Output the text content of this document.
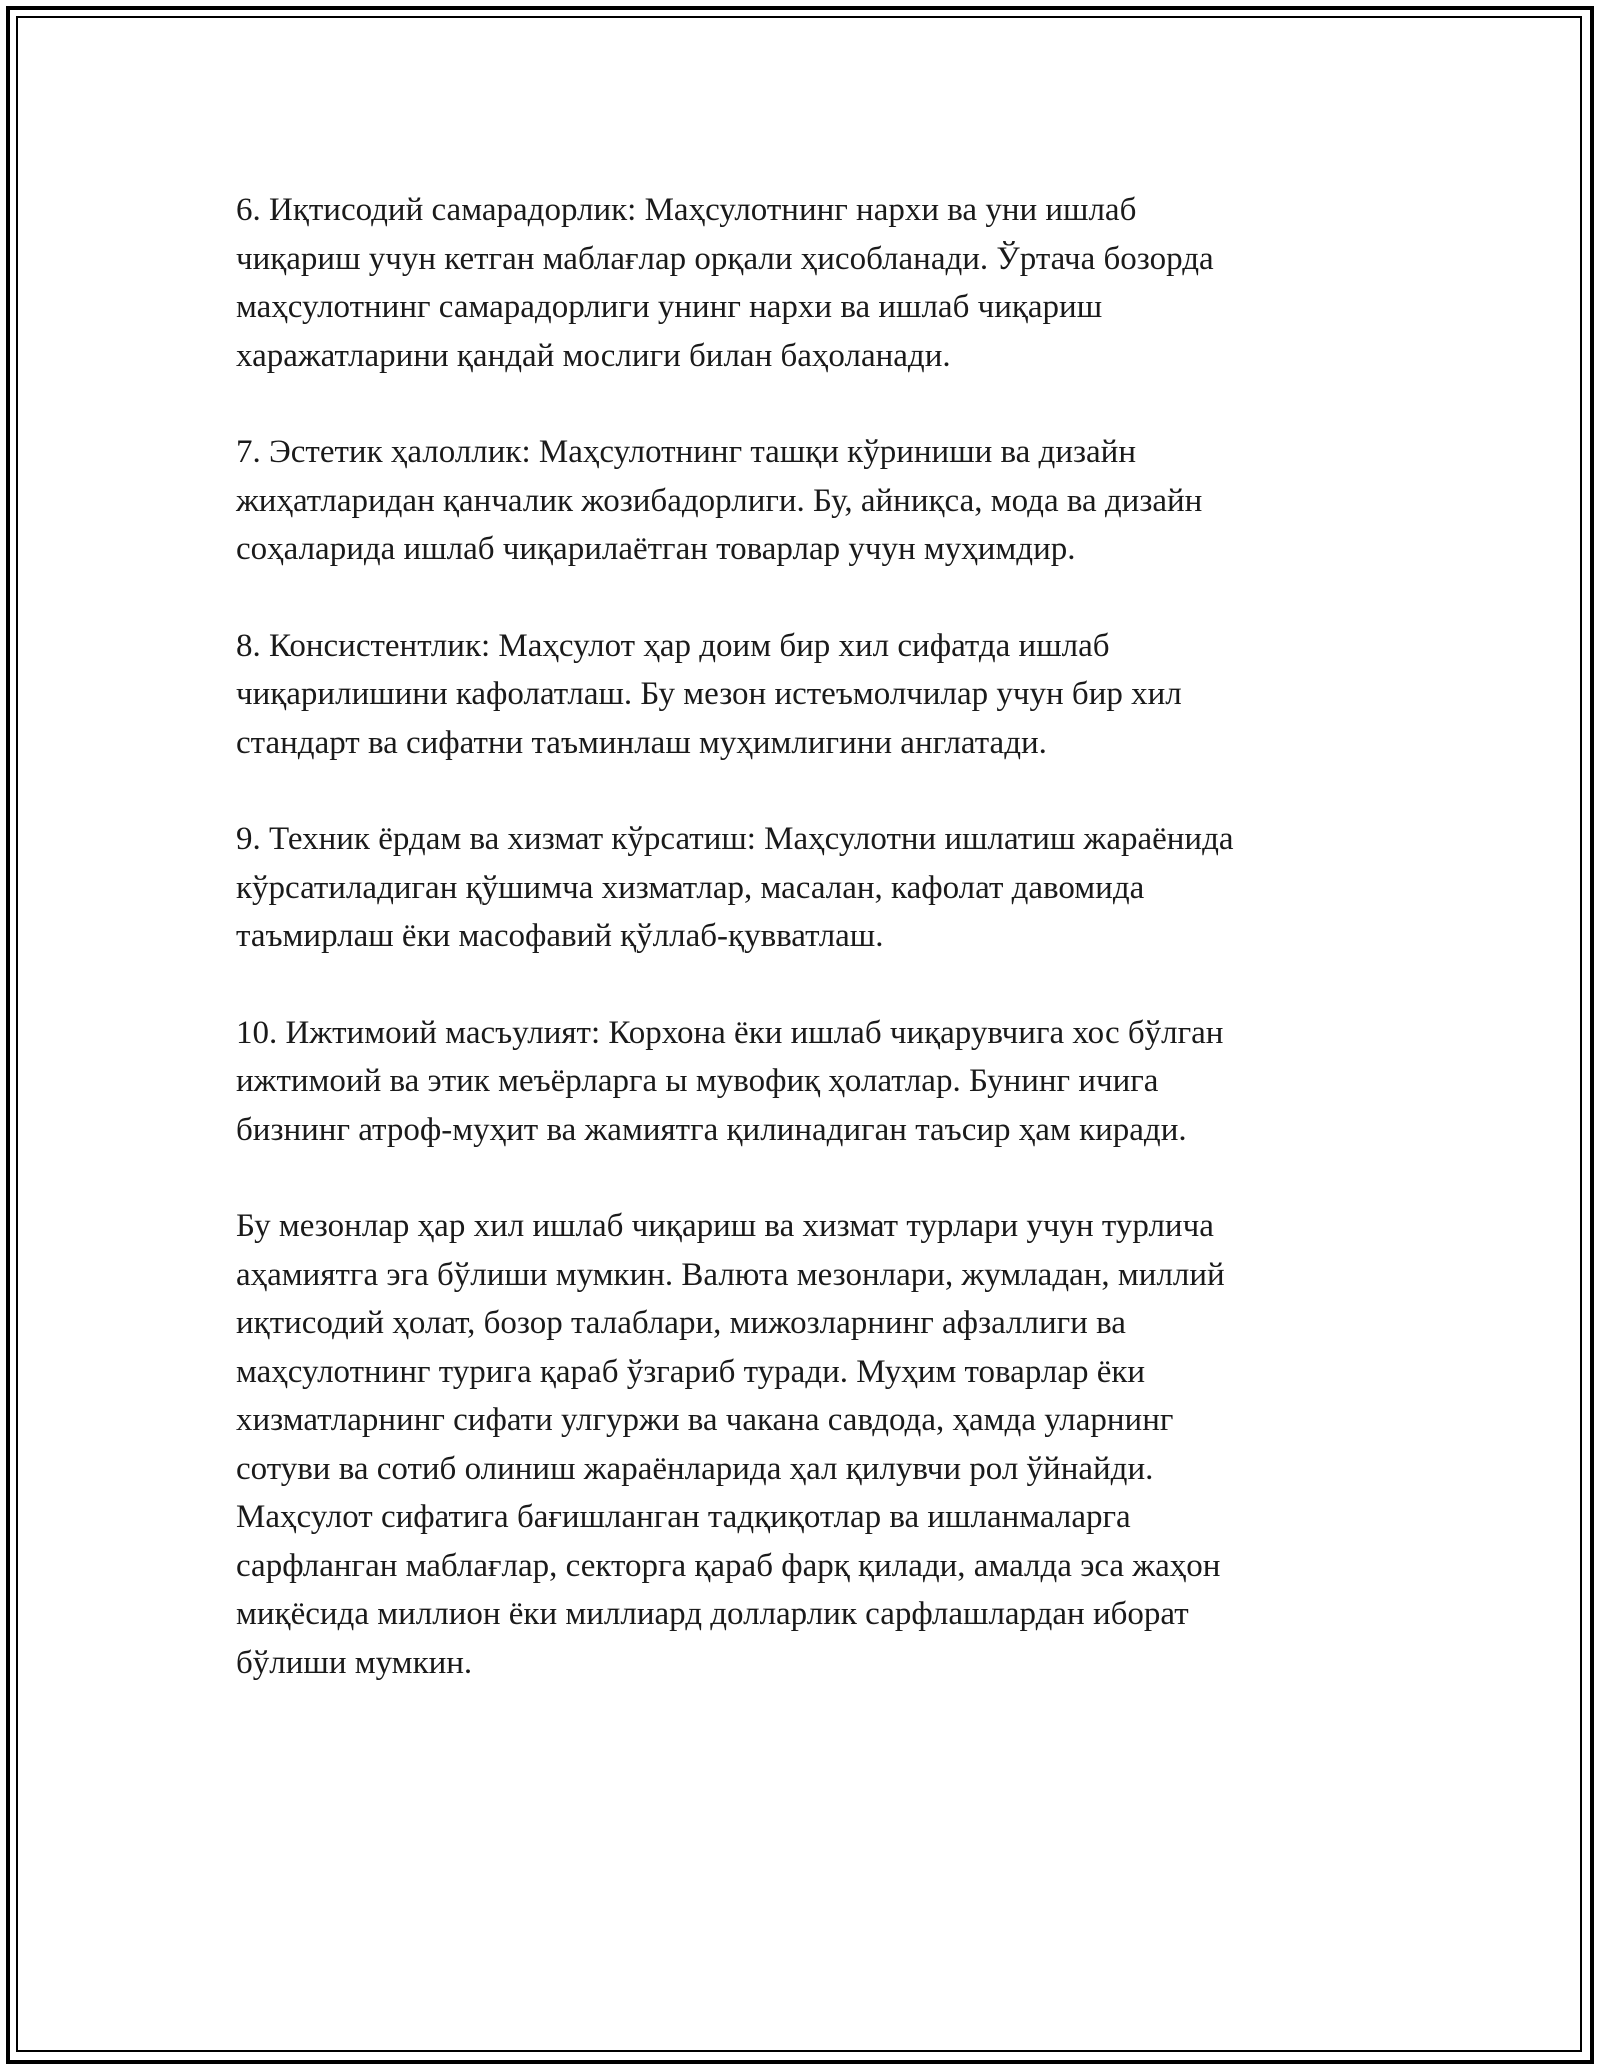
6. Иқтисодий самарадорлик: Маҳсулотнинг нархи ва уни ишлаб
чиқариш учун кетган маблағлар орқали ҳисобланади. Ўртача бозорда
маҳсулотнинг самарадорлиги унинг нархи ва ишлаб чиқариш
харажатларини қандай мослиги билан баҳоланади.

7. Эстетик ҳалоллик: Маҳсулотнинг ташқи кўриниши ва дизайн
жиҳатларидан қанчалик жозибадорлиги. Бу, айниқса, мода ва дизайн
соҳаларида ишлаб чиқарилаётган товарлар учун муҳимдир.

8. Консистентлик: Маҳсулот ҳар доим бир хил сифатда ишлаб
чиқарилишини кафолатлаш. Бу мезон истеъмолчилар учун бир хил
стандарт ва сифатни таъминлаш муҳимлигини англатади.

9. Техник ёрдам ва хизмат кўрсатиш: Маҳсулотни ишлатиш жараёнида
кўрсатиладиган қўшимча хизматлар, масалан, кафолат давомида
таъмирлаш ёки масофавий қўллаб-қувватлаш.

10. Ижтимоий масъулият: Корхона ёки ишлаб чиқарувчига хос бўлган
ижтимоий ва этик меъёрларга ы мувофиқ ҳолатлар. Бунинг ичига
бизнинг атроф-муҳит ва жамиятга қилинадиган таъсир ҳам киради.

Бу мезонлар ҳар хил ишлаб чиқариш ва хизмат турлари учун турлича
аҳамиятга эга бўлиши мумкин. Валюта мезонлари, жумладан, миллий
иқтисодий ҳолат, бозор талаблари, мижозларнинг афзаллиги ва
маҳсулотнинг турига қараб ўзгариб туради. Муҳим товарлар ёки
хизматларнинг сифати улгуржи ва чакана савдода, ҳамда уларнинг
сотуви ва сотиб олиниш жараёнларида ҳал қилувчи рол ўйнайди.
Маҳсулот сифатига бағишланган тадқиқотлар ва ишланмаларга
сарфланган маблағлар, секторга қараб фарқ қилади, амалда эса жаҳон
миқёсида миллион ёки миллиард долларлик сарфлашлардан иборат
бўлиши мумкин.
